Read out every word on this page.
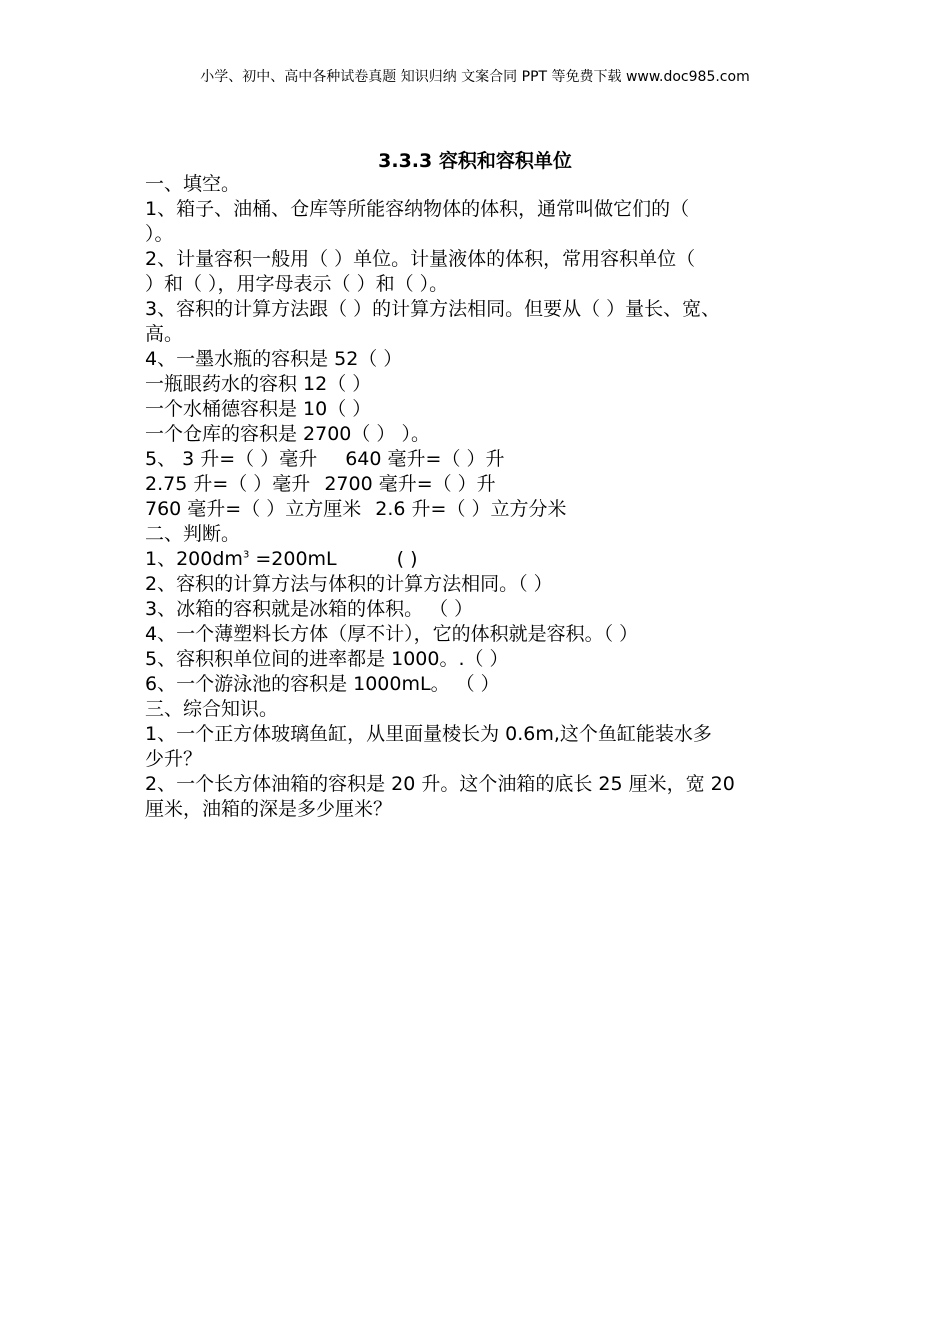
小学、初中、高中各种试卷真题 知识归纳 文案合同 PPT 等免费下载 www.doc985.com
3.3.3 容积和容积单位
一、填空。
1、箱子、油桶、仓库等所能容纳物体的体积，通常叫做它们的（
）。
2、计量容积一般用（ ）单位。计量液体的体积，常用容积单位（
）和（ ），用字母表示（ ）和（ ）。
3、容积的计算方法跟（ ）的计算方法相同。但要从（ ）量长、宽、
高。
4、一墨水瓶的容积是 52（ ）
一瓶眼药水的容积 12（ ）
一个水桶德容积是 10（ ）
一个仓库的容积是 2700（ ） ）。
5、 3 升=（ ）毫升 640 毫升=（ ）升
2.75 升=（ ）毫升 2700 毫升=（ ）升
760 毫升=（ ）立方厘米 2.6 升=（ ）立方分米
二、判断。
1、$200dm^3 =200mL$	( )
2、容积的计算方法与体积的计算方法相同。（ ）
3、冰箱的容积就是冰箱的体积。 （ ）
4、一个薄塑料长方体（厚不计），它的体积就是容积。（ ）
5、容积积单位间的进率都是 1000。.（ ）
6、一个游泳池的容积是 1000mL。 （ ）
三、综合知识。
1、一个正方体玻璃鱼缸，从里面量棱长为 0.6m,这个鱼缸能装水多
少升？
2、一个长方体油箱的容积是 20 升。这个油箱的底长 25 厘米，宽 20
厘米，油箱的深是多少厘米？
